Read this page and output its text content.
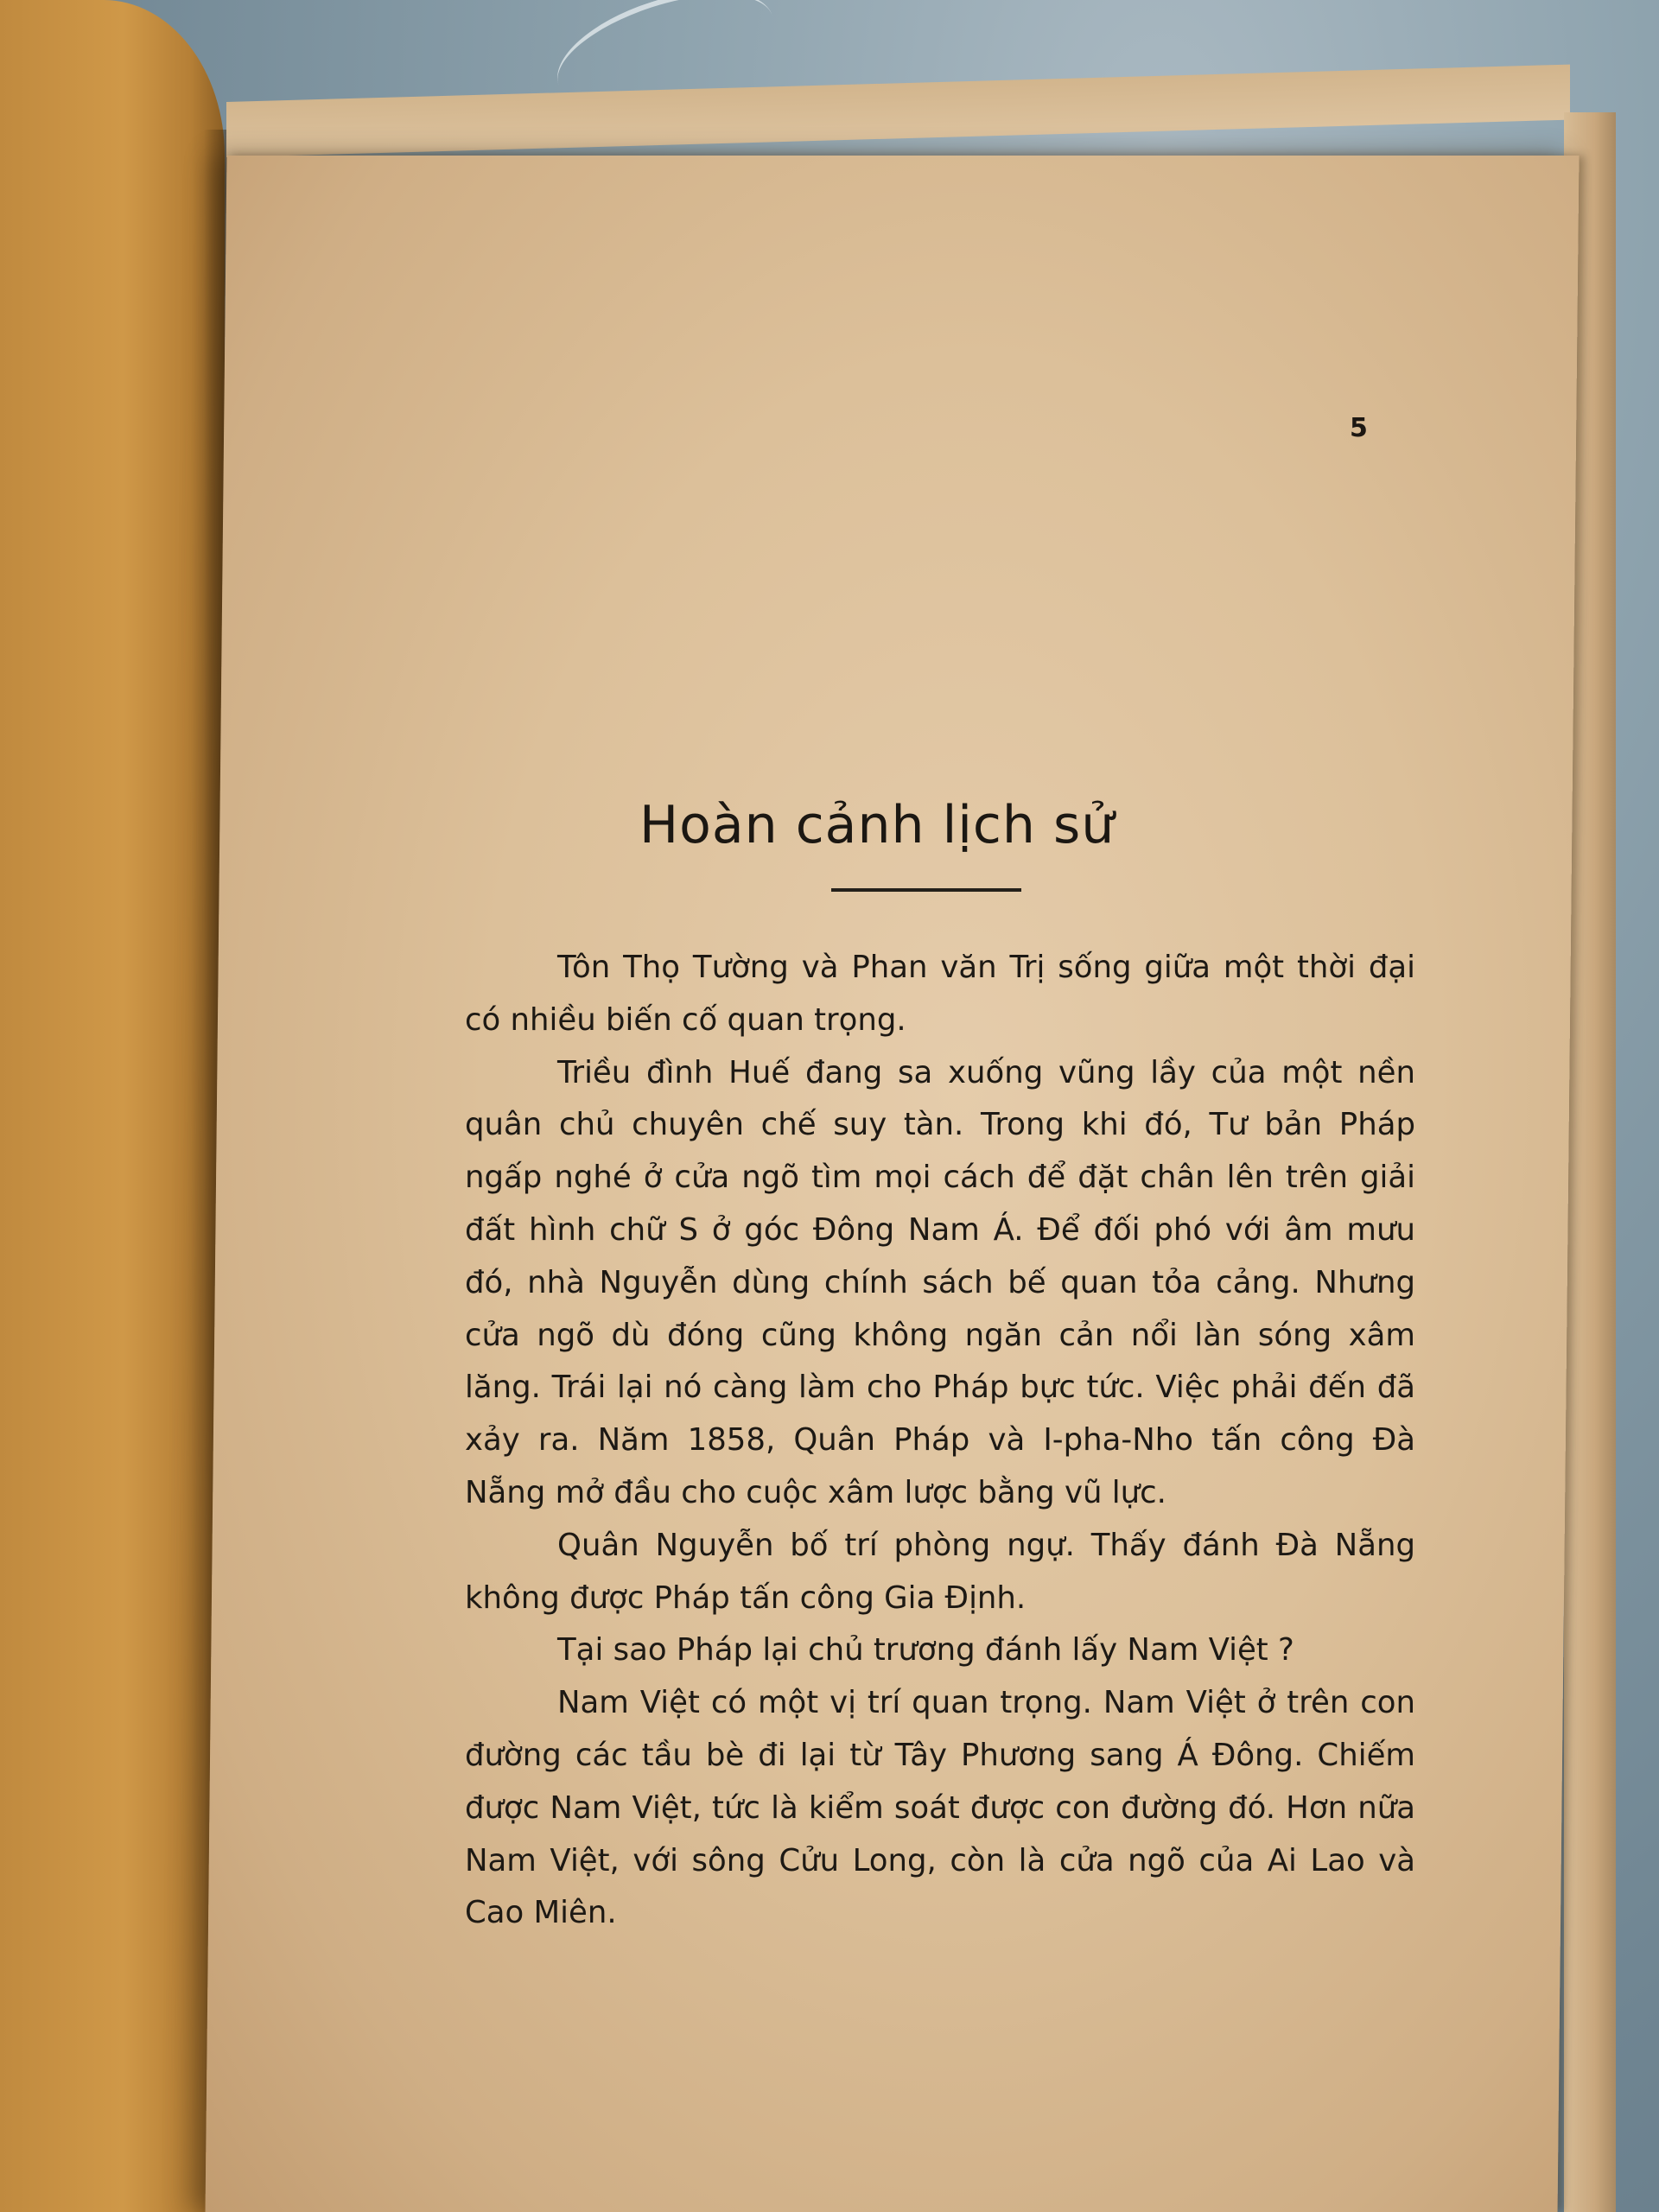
5
Hoàn cảnh lịch sử

Tôn Thọ Tường và Phan văn Trị sống giữa một thời đại có nhiều biến cố quan trọng.

Triều đình Huế đang sa xuống vũng lầy của một nền quân chủ chuyên chế suy tàn. Trong khi đó, Tư bản Pháp ngấp nghé ở cửa ngõ tìm mọi cách để đặt chân lên trên giải đất hình chữ S ở góc Đông Nam Á. Để đối phó với âm mưu đó, nhà Nguyễn dùng chính sách bế quan tỏa cảng. Nhưng cửa ngõ dù đóng cũng không ngăn cản nổi làn sóng xâm lăng. Trái lại nó càng làm cho Pháp bực tức. Việc phải đến đã xảy ra. Năm 1858, Quân Pháp và I-pha-Nho tấn công Đà Nẵng mở đầu cho cuộc xâm lược bằng vũ lực.

Quân Nguyễn bố trí phòng ngự. Thấy đánh Đà Nẵng không được Pháp tấn công Gia Định.

Tại sao Pháp lại chủ trương đánh lấy Nam Việt ?

Nam Việt có một vị trí quan trọng. Nam Việt ở trên con đường các tầu bè đi lại từ Tây Phương sang Á Đông. Chiếm được Nam Việt, tức là kiểm soát được con đường đó. Hơn nữa Nam Việt, với sông Cửu Long, còn là cửa ngõ của Ai Lao và Cao Miên.
